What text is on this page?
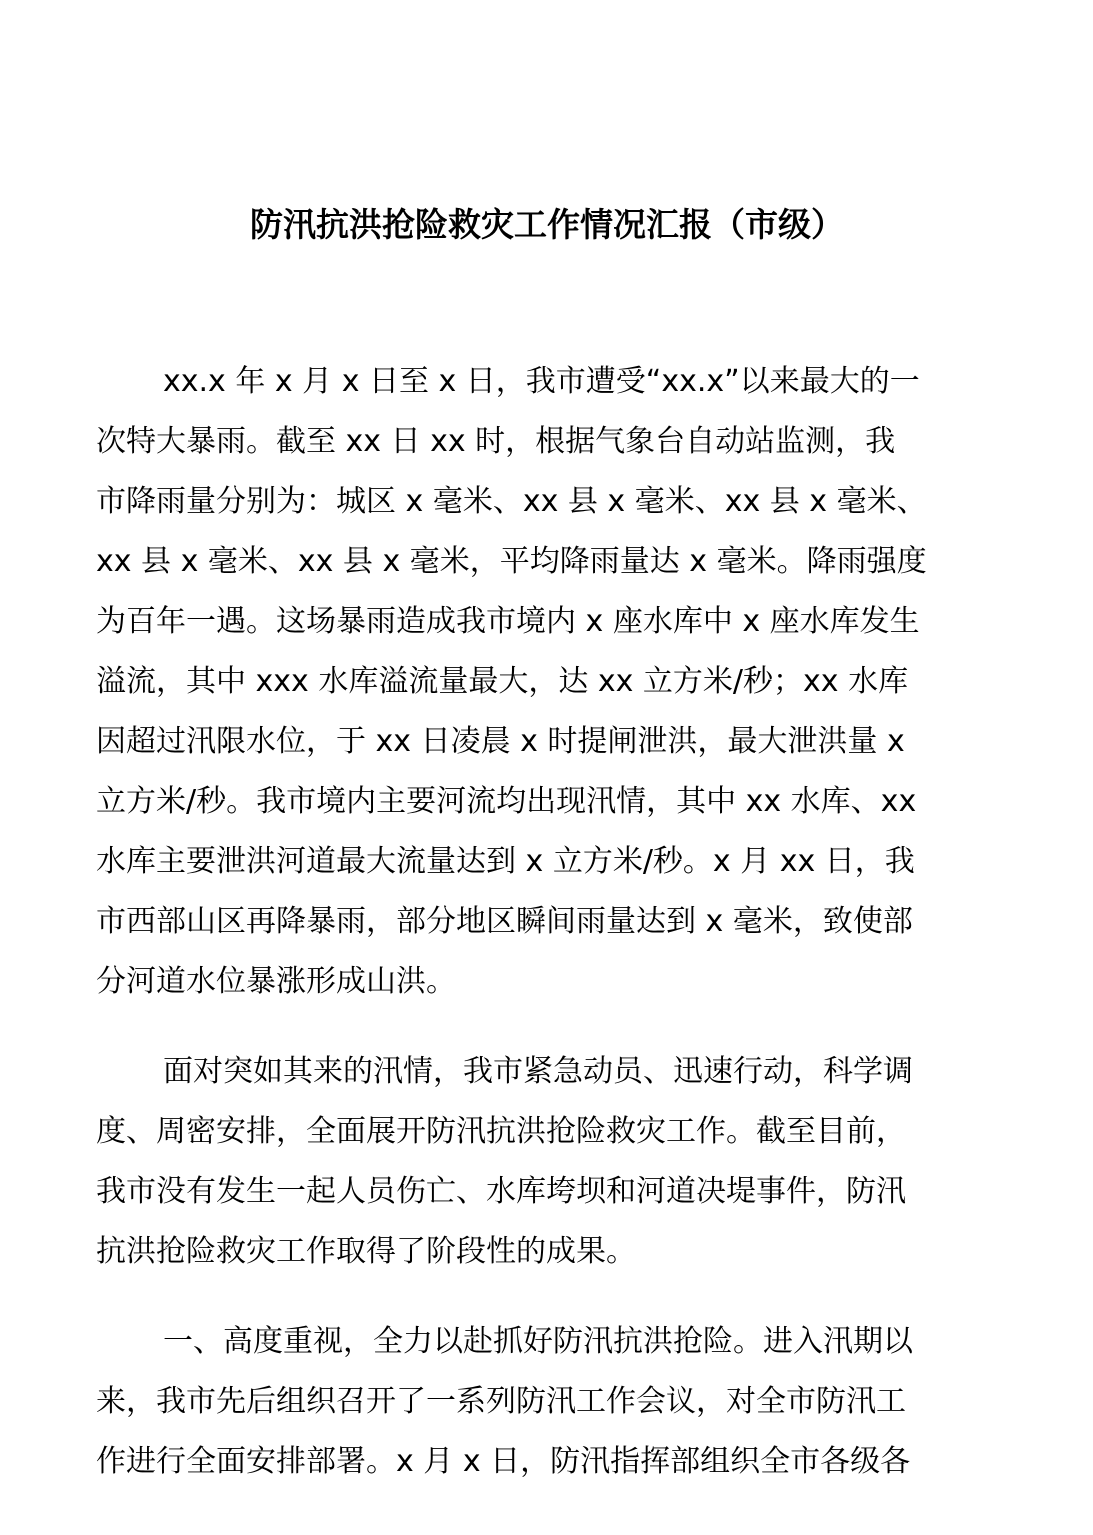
防汛抗洪抢险救灾工作情况汇报（市级）
xx.x 年 x 月 x 日至 x 日，我市遭受“xx.x”以来最大的一
次特大暴雨。截至 xx 日 xx 时，根据气象台自动站监测，我
市降雨量分别为：城区 x 毫米、xx 县 x 毫米、xx 县 x 毫米、
xx 县 x 毫米、xx 县 x 毫米，平均降雨量达 x 毫米。降雨强度
为百年一遇。这场暴雨造成我市境内 x 座水库中 x 座水库发生
溢流，其中 xxx 水库溢流量最大，达 xx 立方米/秒；xx 水库
因超过汛限水位，于 xx 日凌晨 x 时提闸泄洪，最大泄洪量 x
立方米/秒。我市境内主要河流均出现汛情，其中 xx 水库、xx
水库主要泄洪河道最大流量达到 x 立方米/秒。x 月 xx 日，我
市西部山区再降暴雨，部分地区瞬间雨量达到 x 毫米，致使部
分河道水位暴涨形成山洪。
面对突如其来的汛情，我市紧急动员、迅速行动，科学调
度、周密安排，全面展开防汛抗洪抢险救灾工作。截至目前，
我市没有发生一起人员伤亡、水库垮坝和河道决堤事件，防汛
抗洪抢险救灾工作取得了阶段性的成果。
一、高度重视，全力以赴抓好防汛抗洪抢险。进入汛期以
来，我市先后组织召开了一系列防汛工作会议，对全市防汛工
作进行全面安排部署。x 月 x 日，防汛指挥部组织全市各级各
